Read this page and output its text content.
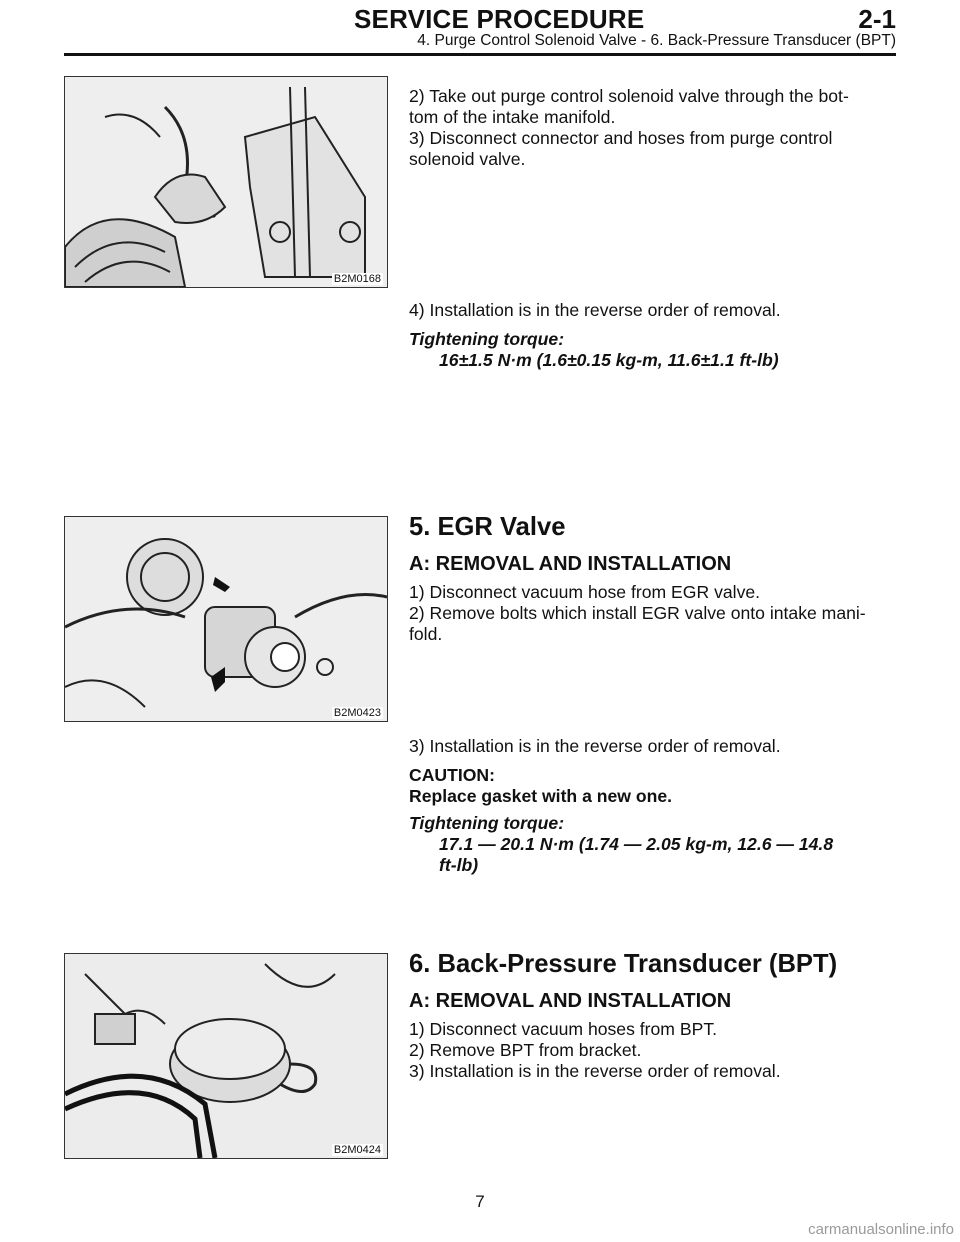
SERVICE PROCEDURE	2-1
4. Purge Control Solenoid Valve - 6. Back-Pressure Transducer (BPT)
B2M0168

2) Take out purge control solenoid valve through the bot-

tom of the intake manifold.

3) Disconnect connector and hoses from purge control

solenoid valve.

4) Installation is in the reverse order of removal.

Tightening torque:

16±1.5 N·m (1.6±0.15 kg-m, 11.6±1.1 ft-lb)

B2M0423

5. EGR Valve

A: REMOVAL AND INSTALLATION

1) Disconnect vacuum hose from EGR valve.

2) Remove bolts which install EGR valve onto intake mani-

fold.

3) Installation is in the reverse order of removal.

CAUTION:

Replace gasket with a new one.

Tightening torque:

17.1 — 20.1 N·m (1.74 — 2.05 kg-m, 12.6 — 14.8

ft-lb)

B2M0424

6. Back-Pressure Transducer (BPT)

A: REMOVAL AND INSTALLATION

1) Disconnect vacuum hoses from BPT.

2) Remove BPT from bracket.

3) Installation is in the reverse order of removal.

7
carmanualsonline.info
